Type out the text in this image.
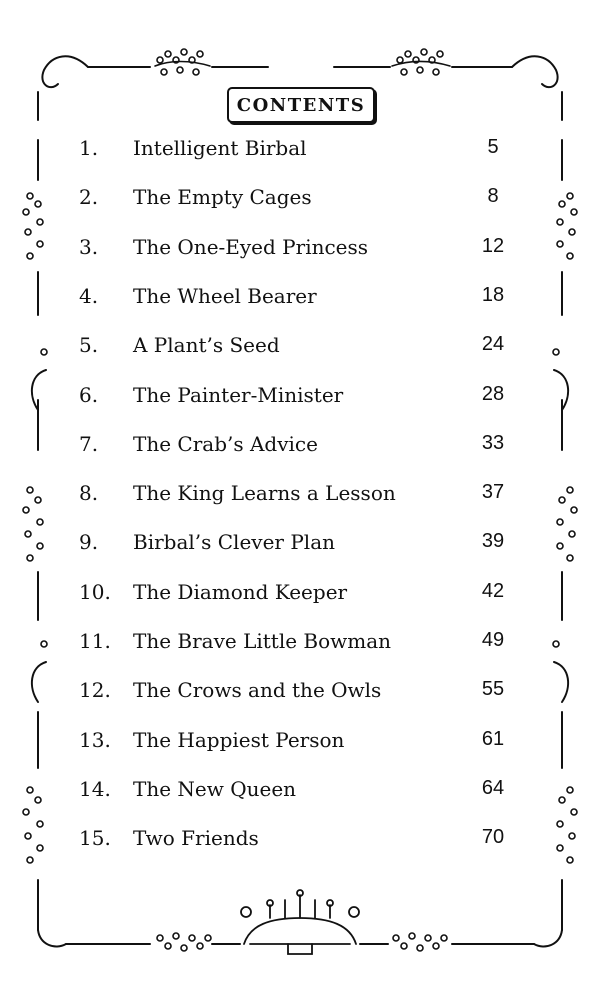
CONTENTS
1. Intelligent Birbal	5
2. The Empty Cages	8
3. The One-Eyed Princess	12
4. The Wheel Bearer	18
5. A Plant’s Seed	24
6. The Painter-Minister	28
7. The Crab’s Advice	33
8. The King Learns a Lesson	37
9. Birbal’s Clever Plan	39
10. The Diamond Keeper	42
11. The Brave Little Bowman	49
12. The Crows and the Owls	55
13. The Happiest Person	61
14. The New Queen	64
15. Two Friends	70
